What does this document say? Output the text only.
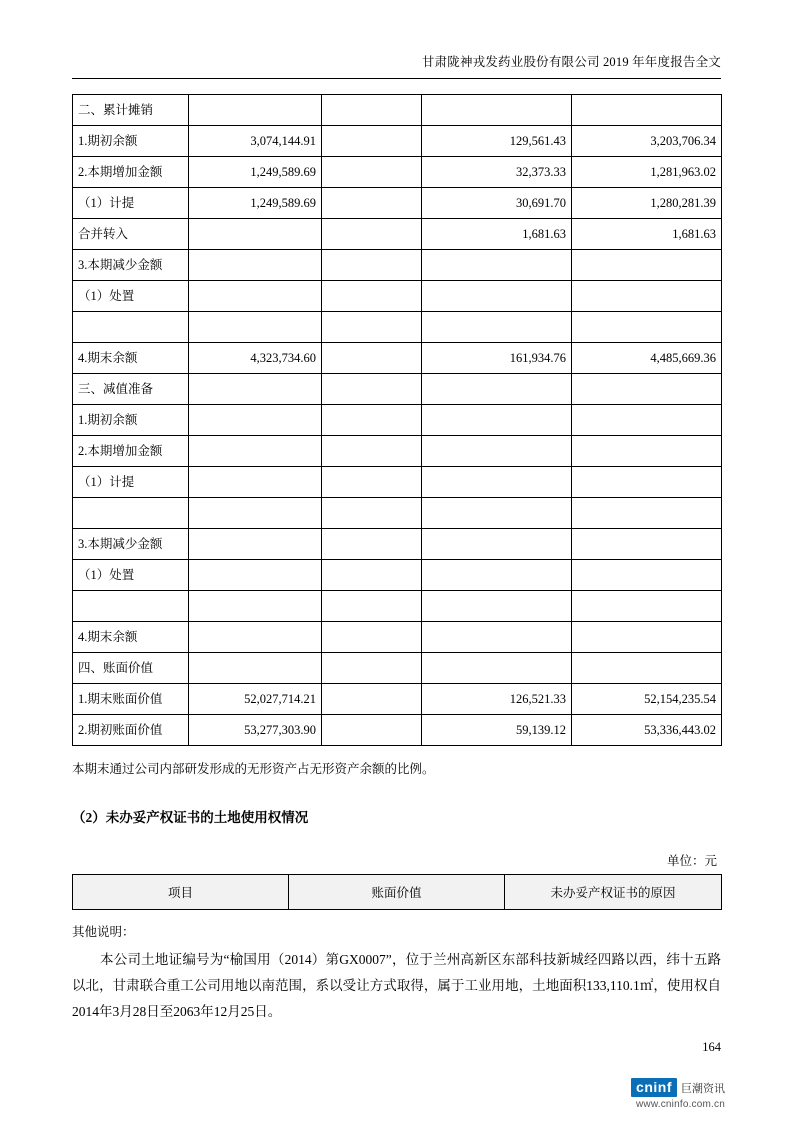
甘肃陇神戎发药业股份有限公司 2019 年年度报告全文
二、累计摊销				
1.期初余额	3,074,144.91		129,561.43	3,203,706.34
2.本期增加金额	1,249,589.69		32,373.33	1,281,963.02
（1）计提	1,249,589.69		30,691.70	1,280,281.39
合并转入			1,681.63	1,681.63
3.本期减少金额				
（1）处置				

4.期末余额	4,323,734.60		161,934.76	4,485,669.36
三、减值准备				
1.期初余额				
2.本期增加金额				
（1）计提				

3.本期减少金额				
（1）处置				

4.期末余额				
四、账面价值				
1.期末账面价值	52,027,714.21		126,521.33	52,154,235.54
2.期初账面价值	53,277,303.90		59,139.12	53,336,443.02
本期末通过公司内部研发形成的无形资产占无形资产余额的比例。
（2）未办妥产权证书的土地使用权情况
单位：元
项目	账面价值	未办妥产权证书的原因
其他说明：
本公司土地证编号为“榆国用（2014）第GX0007”，位于兰州高新区东部科技新城经四路以西，纬十五路以北，甘肃联合重工公司用地以南范围，系以受让方式取得，属于工业用地，土地面积133,110.1㎡，使用权自2014年3月28日至2063年12月25日。
164
cninf 巨潮资讯
www.cninfo.com.cn
